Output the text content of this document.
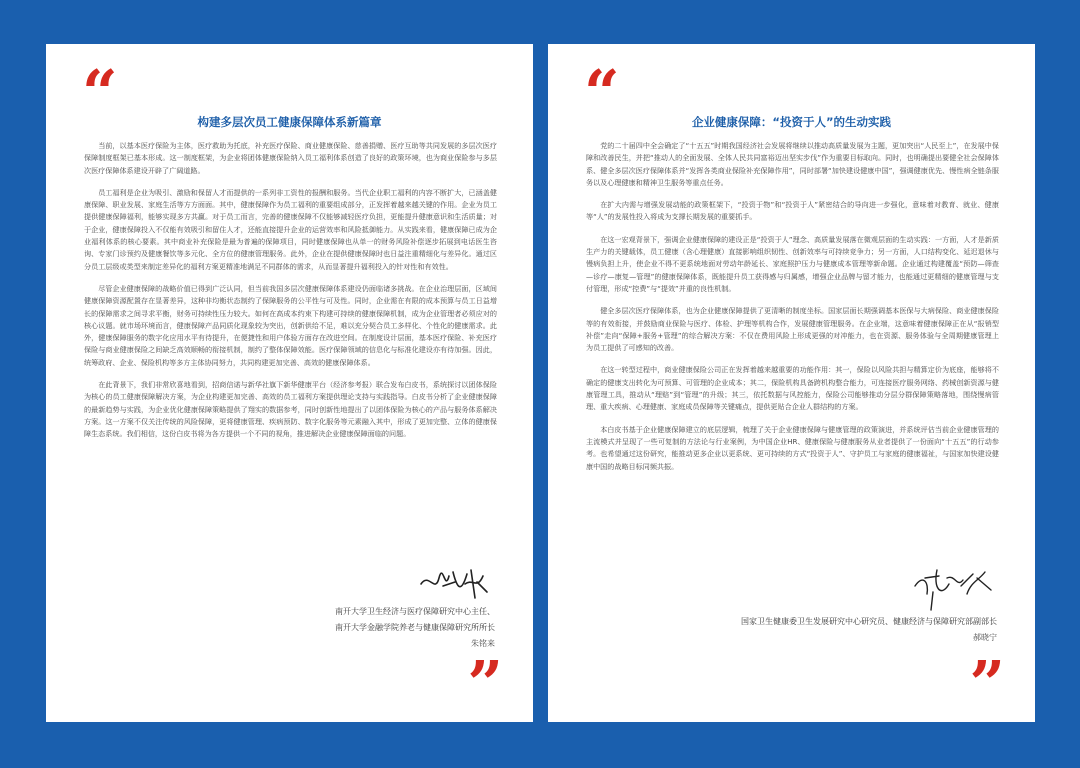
“	构建多层次员工健康保障体系新篇章

当前，以基本医疗保险为主体，医疗救助为托底，补充医疗保险、商业健康保险、慈善捐赠、医疗互助等共同发展的多层次医疗保障制度框架已基本形成。这一制度框架，为企业将团体健康保险纳入员工福利体系创造了良好的政策环境，也为商业保险参与多层次医疗保障体系建设开辟了广阔道路。

员工福利是企业为吸引、激励和保留人才而提供的一系列非工资性的报酬和服务。当代企业职工福利的内容不断扩大，已涵盖健康保障、职业发展、家庭生活等方方面面。其中，健康保障作为员工福利的重要组成部分，正发挥着越来越关键的作用。企业为员工提供健康保障福利，能够实现多方共赢。对于员工而言，完善的健康保障不仅能够减轻医疗负担，更能提升健康意识和生活质量；对于企业，健康保障投入不仅能有效吸引和留住人才，还能直接提升企业的运营效率和风险抵御能力。从实践来看，健康保障已成为企业福利体系的核心要素。其中商业补充保险是最为普遍的保障项目，同时健康保障也从单一的财务风险补偿逐步拓展到电话医生咨询、专家门诊预约及健康餐饮等多元化、全方位的健康管理服务。此外，企业在提供健康保障时也日益注重精细化与差异化。通过区分员工层级或类型来制定差异化的福利方案更精准地满足不同群体的需求，从而显著提升福利投入的针对性和有效性。

尽管企业健康保障的战略价值已得到广泛认同，但当前我国多层次健康保障体系建设仍面临诸多挑战。在企业治理层面，区域间健康保障资源配置存在显著差异，这种非均衡状态制约了保障服务的公平性与可及性。同时，企业需在有限的成本预算与员工日益增长的保障需求之间寻求平衡，财务可持续性压力较大。如何在高成本约束下构建可持续的健康保障机制，成为企业管理者必须应对的核心议题。就市场环境而言，健康保障产品同质化现象较为突出，创新供给不足，难以充分契合员工多样化、个性化的健康需求。此外，健康保障服务的数字化应用水平有待提升，在便捷性和用户体验方面存在改进空间。在制度设计层面，基本医疗保险、补充医疗保险与商业健康保险之间缺乏高效顺畅的衔接机制，制约了整体保障效能。医疗保障领域的信息化与标准化建设亦有待加强。因此，统筹政府、企业、保险机构等多方主体协同努力，共同构建更加完善、高效的健康保障体系。

在此背景下，我们非常欣喜地看到，招商信诺与新华社旗下新华健康平台（经济参考报）联合发布白皮书，系统探讨以团体保险为核心的员工健康保障解决方案，为企业构建更加完善、高效的员工福利方案提供理论支持与实践指导。白皮书分析了企业健康保障的最新趋势与实践，为企业优化健康保障策略提供了翔实的数据参考，同时创新性地提出了以团体保险为核心的产品与服务体系解决方案。这一方案不仅关注传统的风险保障，更将健康管理、疾病预防、数字化服务等元素融入其中，形成了更加完整、立体的健康保障生态系统。我们相信，这份白皮书将为各方提供一个不同的视角，推进解决企业健康保障面临的问题。

南开大学卫生经济与医疗保障研究中心主任、
南开大学金融学院养老与健康保障研究所所长
朱铭来
”
“	企业健康保障：“投资于人”的生动实践

党的二十届四中全会确定了“十五五”时期我国经济社会发展将继续以推动高质量发展为主题，更加突出“人民至上”，在发展中保障和改善民生，并把“推动人的全面发展、全体人民共同富裕迈出坚实步伐”作为重要目标取向。同时，也明确提出要健全社会保障体系、健全多层次医疗保障体系并“发挥各类商业保险补充保障作用”，同时部署“加快建设健康中国”，强调健康优先、慢性病全链条服务以及心理健康和精神卫生服务等重点任务。

在扩大内需与增强发展动能的政策框架下，“投资于物”和“投资于人”紧密结合的导向进一步强化，意味着对教育、就业、健康等“人”的发展性投入将成为支撑长期发展的重要抓手。

在这一宏观背景下，强调企业健康保障的建设正是“投资于人”理念、高质量发展落在微观层面的生动实践：一方面，人才是新质生产力的关键载体，员工健康（含心理健康）直接影响组织韧性、创新效率与可持续竞争力；另一方面，人口结构变化、延迟退休与慢病负担上升，使企业不得不更系统地面对劳动年龄延长、家庭照护压力与健康成本管理等新命题。企业通过构建覆盖“预防—筛查—诊疗—康复—管理”的健康保障体系，既能提升员工获得感与归属感，增强企业品牌与留才能力，也能通过更精细的健康管理与支付管理，形成“控费”与“提效”并重的良性机制。

健全多层次医疗保障体系，也为企业健康保障提供了更清晰的制度坐标。国家层面长期强调基本医保与大病保险、商业健康保险等的有效衔接，并鼓励商业保险与医疗、体检、护理等机构合作，发展健康管理服务。在企业端，这意味着健康保障正在从“报销型补偿”走向“保障+服务+管理”的综合解决方案：不仅在费用风险上形成更强的对冲能力，也在资源、服务体验与全周期健康管理上为员工提供了可感知的改善。

在这一转型过程中，商业健康保险公司正在发挥着越来越重要的功能作用：其一，保险以风险共担与精算定价为底座，能够将不确定的健康支出转化为可预算、可管理的企业成本；其二，保险机构具备跨机构整合能力，可连接医疗服务网络、药械创新资源与健康管理工具，推动从“理赔”到“管理”的升级；其三，依托数据与风控能力，保险公司能够推动分层分群保障策略落地，围绕慢病管理、重大疾病、心理健康、家庭成员保障等关键痛点，提供更贴合企业人群结构的方案。

本白皮书基于企业健康保障建立的底层逻辑，梳理了关于企业健康保障与健康管理的政策演进，并系统评估当前企业健康管理的主流模式并呈现了一些可复制的方法论与行业案例，为中国企业HR、健康保险与健康服务从业者提供了一份面向“十五五”的行动参考。也希望通过这份研究，能推动更多企业以更系统、更可持续的方式“投资于人”、守护员工与家庭的健康福祉，与国家加快建设健康中国的战略目标同频共振。

国家卫生健康委卫生发展研究中心研究员、健康经济与保障研究部副部长
郝晓宁
”
